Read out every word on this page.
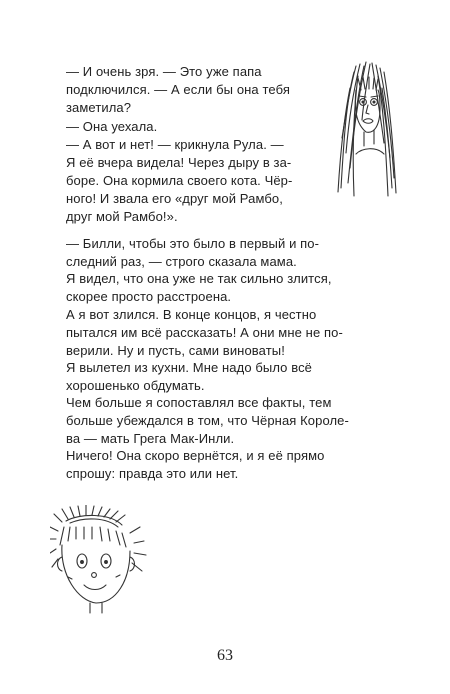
— И очень зря. — Это уже папа
подключился. — А если бы она тебя
заметила?

— Она уехала.

— А вот и нет! — крикнула Рула. —
Я её вчера видела! Через дыру в за-
боре. Она кормила своего кота. Чёр-
ного! И звала его «друг мой Рамбо,
друг мой Рамбо!».

— Билли, чтобы это было в первый и по-
следний раз, — строго сказала мама.

Я видел, что она уже не так сильно злится,
скорее просто расстроена.

А я вот злился. В конце концов, я честно
пытался им всё рассказать! А они мне не по-
верили. Ну и пусть, сами виноваты!

Я вылетел из кухни. Мне надо было всё
хорошенько обдумать.

Чем больше я сопоставлял все факты, тем
больше убеждался в том, что Чёрная Короле-
ва — мать Грега Мак-Инли.

Ничего! Она скоро вернётся, и я её прямо
спрошу: правда это или нет.

63
